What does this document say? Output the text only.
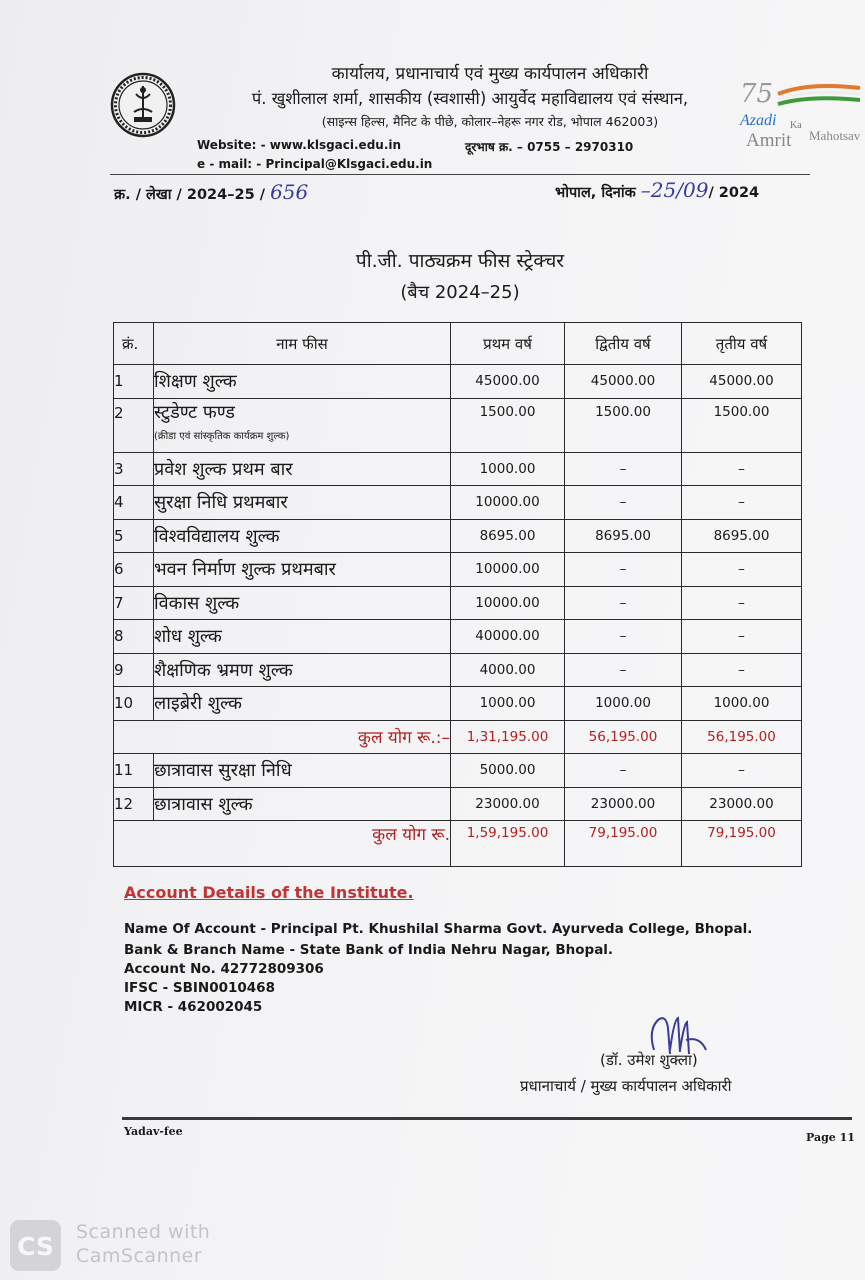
कार्यालय, प्रधानाचार्य एवं मुख्य कार्यपालन अधिकारी
पं. खुशीलाल शर्मा, शासकीय (स्वशासी) आयुर्वेद महाविद्यालय एवं संस्थान,
(साइन्स हिल्स, मैनिट के पीछे, कोलार–नेहरू नगर रोड, भोपाल 462003)
Website: - www.klsgaci.edu.in
e - mail: - Principal@Klsgaci.edu.in
दूरभाष क्र. – 0755 – 2970310
75
Azadi Ka
Amrit Mahotsav
क्र. / लेखा / 2024–25 / 656	भोपाल, दिनांक –25/09/ 2024
पी.जी. पाठ्यक्रम फीस स्ट्रेक्चर
(बैच 2024–25)
क्रं.	नाम फीस	प्रथम वर्ष	द्वितीय वर्ष	तृतीय वर्ष
1	शिक्षण शुल्क	45000.00	45000.00	45000.00
2	स्टुडेण्ट फण्ड
(क्रीडा एवं सांस्कृतिक कार्यक्रम शुल्क)	1500.00	1500.00	1500.00
3	प्रवेश शुल्क प्रथम बार	1000.00	–	–
4	सुरक्षा निधि प्रथमबार	10000.00	–	–
5	विश्वविद्यालय शुल्क	8695.00	8695.00	8695.00
6	भवन निर्माण शुल्क प्रथमबार	10000.00	–	–
7	विकास शुल्क	10000.00	–	–
8	शोध शुल्क	40000.00	–	–
9	शैक्षणिक भ्रमण शुल्क	4000.00	–	–
10	लाइब्रेरी शुल्क	1000.00	1000.00	1000.00
कुल योग रू.:–		1,31,195.00	56,195.00	56,195.00
11	छात्रावास सुरक्षा निधि	5000.00	–	–
12	छात्रावास शुल्क	23000.00	23000.00	23000.00
कुल योग रू.		1,59,195.00	79,195.00	79,195.00
Account Details of the Institute.
Name Of Account - Principal Pt. Khushilal Sharma Govt. Ayurveda College, Bhopal.
Bank & Branch Name - State Bank of India Nehru Nagar, Bhopal.
Account No. 42772809306
IFSC - SBIN0010468
MICR - 462002045
(डॉ. उमेश शुक्ला)
प्रधानाचार्य / मुख्य कार्यपालन अधिकारी
Yadav-fee	Page 11
CS Scanned with
CamScanner
